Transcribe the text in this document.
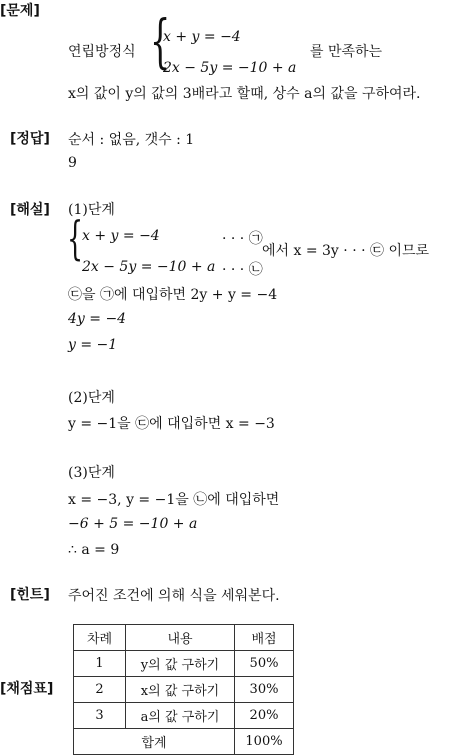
[문제]
[정답]
[해설]
[힌트]
[채점표]
연립방정식 {
x + y = −4
2x − 5y = −10 + a
를 만족하는
x의 값이 y의 값의 3배라고 할때, 상수 a의 값을 구하여라.
순서 : 없음, 갯수 : 1
9
(1)단계
{
x + y = −4	· · · ㉠
2x − 5y = −10 + a · · · ㉡
에서 x = 3y · · · ㉢ 이므로
㉢을 ㉠에 대입하면 2y + y = −4
4y = −4
y = −1
(2)단계
y = −1을 ㉢에 대입하면 x = −3
(3)단계
x = −3, y = −1을 ㉡에 대입하면
−6 + 5 = −10 + a
∴ a = 9
주어진 조건에 의해 식을 세워본다.
차례	내용	배점
1	y의 값 구하기	50%
2	x의 값 구하기	30%
3	a의 값 구하기	20%
합계		100%
